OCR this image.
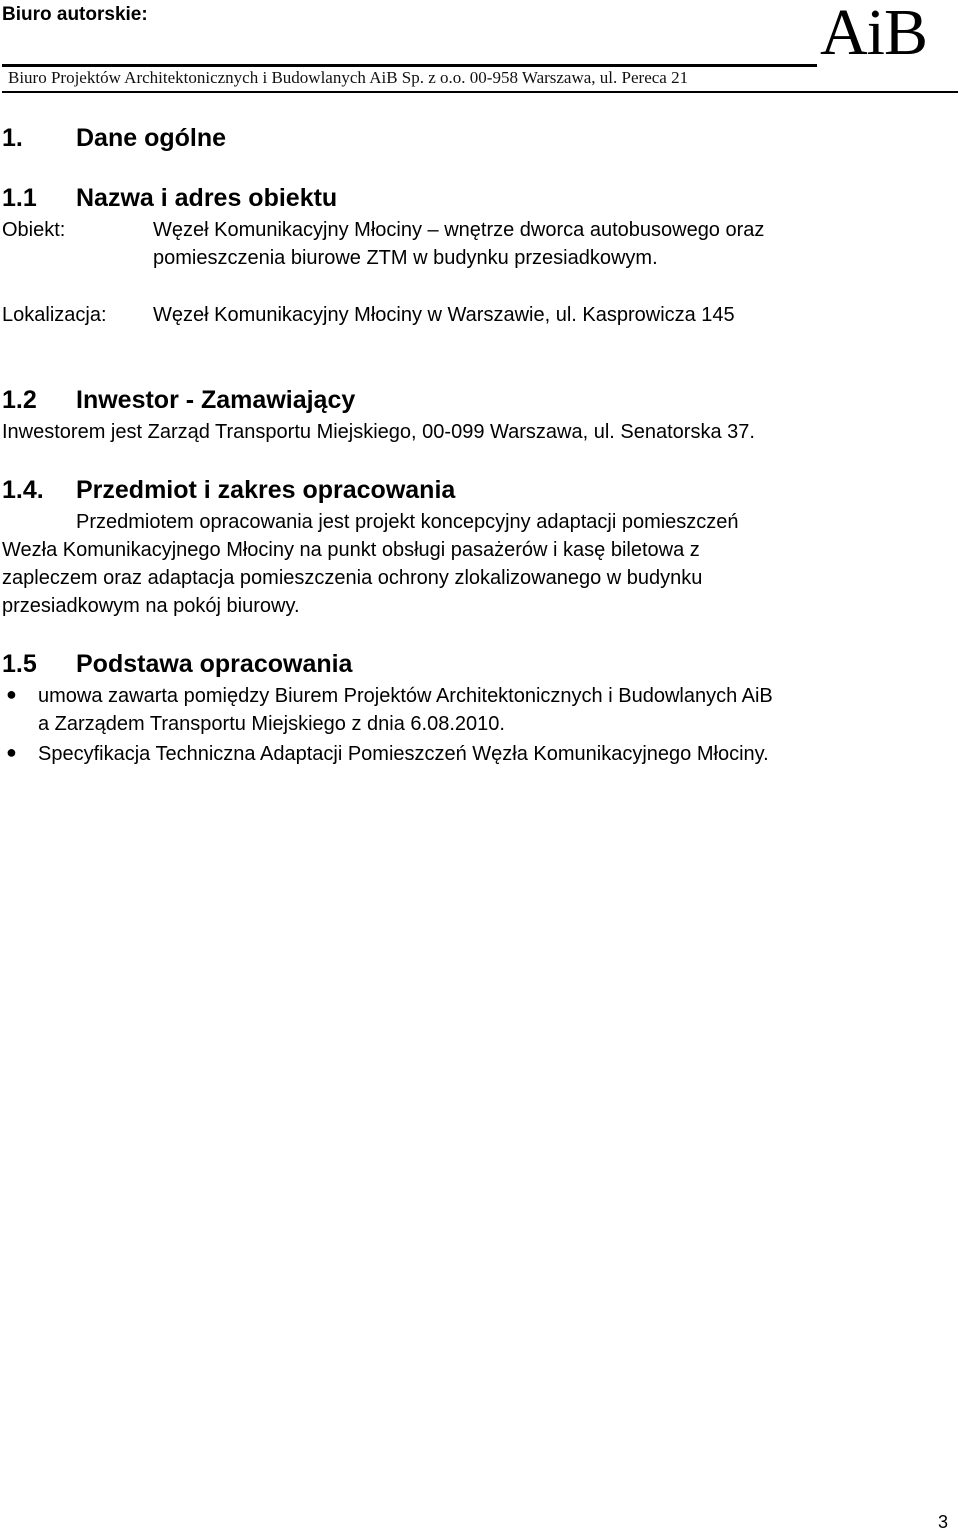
Biuro autorskie:
Biuro Projektów Architektonicznych i Budowlanych AiB Sp. z o.o. 00-958 Warszawa, ul. Pereca 21
AiB
1. Dane ogólne
1.1 Nazwa i adres obiektu
Obiekt:	Węzeł Komunikacyjny Młociny – wnętrze dworca autobusowego oraz
pomieszczenia biurowe ZTM w budynku przesiadkowym.
Lokalizacja: Węzeł Komunikacyjny Młociny w Warszawie, ul. Kasprowicza 145
1.2 Inwestor - Zamawiający
Inwestorem jest Zarząd Transportu Miejskiego, 00-099 Warszawa, ul. Senatorska 37.
1.4. Przedmiot i zakres opracowania
Przedmiotem opracowania jest projekt koncepcyjny adaptacji pomieszczeń
Wezła Komunikacyjnego Młociny na punkt obsługi pasażerów i kasę biletowa z
zapleczem oraz adaptacja pomieszczenia ochrony zlokalizowanego w budynku
przesiadkowym na pokój biurowy.
1.5 Podstawa opracowania
● umowa zawarta pomiędzy Biurem Projektów Architektonicznych i Budowlanych AiB
a Zarządem Transportu Miejskiego z dnia 6.08.2010.
● Specyfikacja Techniczna Adaptacji Pomieszczeń Węzła Komunikacyjnego Młociny.
3
